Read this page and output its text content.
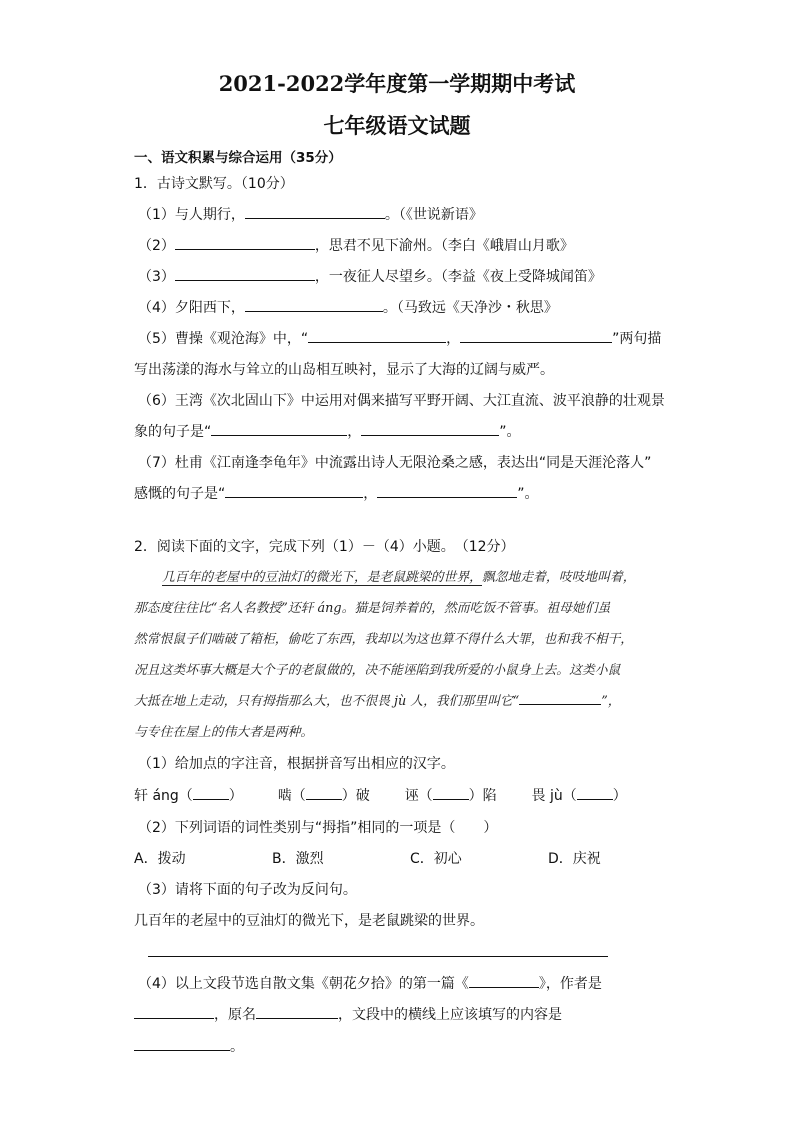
2021-2022学年度第一学期期中考试
七年级语文试题
一、语文积累与综合运用（35分）
1．古诗文默写。（10分）
（1）与人期行，	。（《世说新语》
（2）	，思君不见下渝州。（李白《峨眉山月歌》
（3）	，一夜征人尽望乡。（李益《夜上受降城闻笛》
（4）夕阳西下，	。（马致远《天净沙・秋思》
（5）曹操《观沧海》中，“	，	”两句描
写出荡漾的海水与耸立的山岛相互映衬，显示了大海的辽阔与威严。
（6）王湾《次北固山下》中运用对偶来描写平野开阔、大江直流、波平浪静的壮观景
象的句子是“	，	”。
（7）杜甫《江南逢李龟年》中流露出诗人无限沧桑之感，表达出“同是天涯沦落人”
感慨的句子是“	，	”。
2．阅读下面的文字，完成下列（1）－（4）小题。　（12分）
几百年的老屋中的豆油灯的微光下，是老鼠跳梁的世界，飘忽地走着，吱吱地叫着，
那态度往往比“名人名教授”还轩 áng。猫是饲养着的，然而吃饭不管事。祖母她们虽
然常恨鼠子们啮破了箱柜，偷吃了东西，我却以为这也算不得什么大罪，也和我不相干，
况且这类坏事大概是大个子的老鼠做的，决不能诬陷到我所爱的小鼠身上去。这类小鼠
大抵在地上走动，只有拇指那么大，也不很畏 jù 人，我们那里叫它“	”，
与专住在屋上的伟大者是两种。
（1）给加点的字注音，根据拼音写出相应的汉字。
轩 áng（	） 啮（	）破 诬（	）陷 畏 jù（	）
（2）下列词语的词性类别与“拇指”相同的一项是（　　）
A．拨动	B．激烈	C．初心	D．庆祝
（3）请将下面的句子改为反问句。
几百年的老屋中的豆油灯的微光下，是老鼠跳梁的世界。
（4）以上文段节选自散文集《朝花夕拾》的第一篇《	》，作者是
，原名	，文段中的横线上应该填写的内容是
。
